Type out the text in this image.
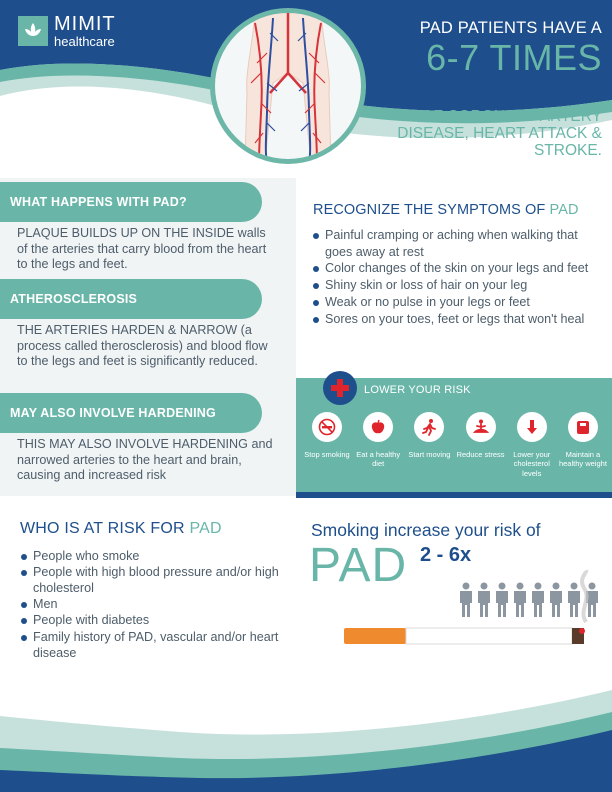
MIMIT
healthcare
PAD PATIENTS HAVE A
6-7 TIMES
GREATER RISK
OF CORONARY ARTERY DISEASE, HEART ATTACK & STROKE.
WHAT HAPPENS WITH PAD?
PLAQUE BUILDS UP ON THE INSIDE walls of the arteries that carry blood from the heart to the legs and feet.
ATHEROSCLEROSIS
THE ARTERIES HARDEN & NARROW (a process called therosclerosis) and blood flow to the legs and feet is significantly reduced.
MAY ALSO INVOLVE HARDENING
THIS MAY ALSO INVOLVE HARDENING and narrowed arteries to the heart and brain, causing and increased risk
RECOGNIZE THE SYMPTOMS OF PAD
Painful cramping or aching when walking that goes away at rest
Color changes of the skin on your legs and feet
Shiny skin or loss of hair on your leg
Weak or no pulse in your legs or feet
Sores on your toes, feet or legs that won't heal
LOWER YOUR RISK
Stop smoking Eat a healthy diet
Start moving Reduce stress	Lower your cholesterol levels
Maintain a healthy weight
WHO IS AT RISK FOR PAD
People who smoke
People with high blood pressure and/or high cholesterol
Men
People with diabetes
Family history of PAD, vascular and/or heart disease
Smoking increase your risk of
PAD 2 - 6x
